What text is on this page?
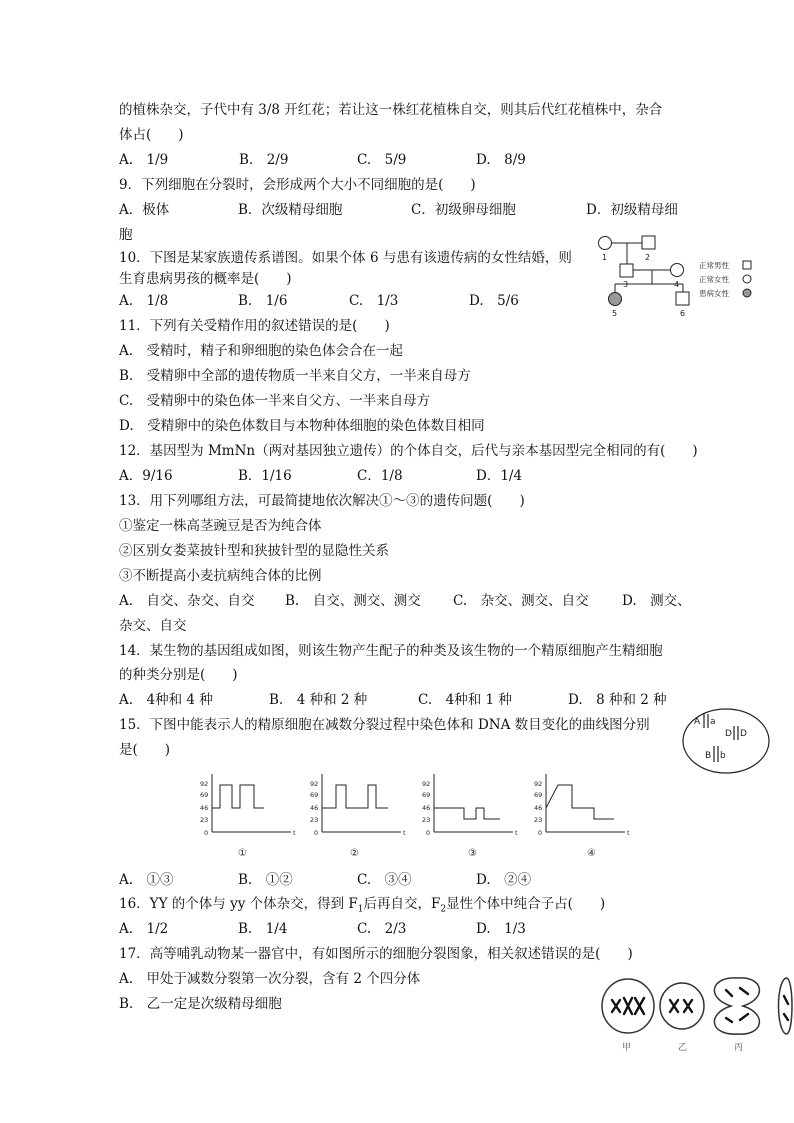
的植株杂交，子代中有 3/8 开红花；若让这一株红花植株自交，则其后代红花植株中，杂合
体占(　　)
A.　1/9	B.　2/9	C.　5/9	D.　8/9
9．下列细胞在分裂时，会形成两个大小不同细胞的是(　　)
A．极体	B．次级精母细胞	C．初级卵母细胞	D．初级精母细
胞
10．下图是某家族遗传系谱图。如果个体 6 与患有该遗传病的女性结婚，则
生育患病男孩的概率是(　　)
A.　1/8	B.　1/6	C.　1/3	D.　5/6
1	2
3	4
5	6
正常男性
正常女性
患病女性
11．下列有关受精作用的叙述错误的是(　　)
A.　受精时，精子和卵细胞的染色体会合在一起
B.　受精卵中全部的遗传物质一半来自父方，一半来自母方
C.　受精卵中的染色体一半来自父方、一半来自母方
D.　受精卵中的染色体数目与本物种体细胞的染色体数目相同
12．基因型为 MmNn（两对基因独立遗传）的个体自交，后代与亲本基因型完全相同的有(　　)
A．9/16	B．1/16	C．1/8	D．1/4
13．用下列哪组方法，可最简捷地依次解决①～③的遗传问题(　　)
①鉴定一株高茎豌豆是否为纯合体
②区别女娄菜披针型和狭披针型的显隐性关系
③不断提高小麦抗病纯合体的比例
A.　自交、杂交、自交 B.　自交、测交、测交 C.　杂交、测交、自交 D.　测交、
杂交、自交
14．某生物的基因组成如图，则该生物产生配子的种类及该生物的一个精原细胞产生精细胞
的种类分别是(　　)
A.　4种和 4 种	B.　4 种和 2 种	C.　4种和 1 种	D.　8 种和 2 种
A a
D D
B b
15．下图中能表示人的精原细胞在减数分裂过程中染色体和 DNA 数目变化的曲线图分别
是(　　)
92
69
46
23
0	t
①
92
69
46
23
0	t
②
92
69
46
23
0	t
③
92
69
46
23
0	t
④
A.　①③	B.　①②	C.　③④	D.　②④
16．YY 的个体与 yy 个体杂交，得到 $F_1$后再自交，$F_2$显性个体中纯合子占(　　)
A.　1/2	B.　1/4	C.　2/3	D.　1/3
17．高等哺乳动物某一器官中，有如图所示的细胞分裂图象，相关叙述错误的是(　　)
A.　甲处于减数分裂第一次分裂，含有 2 个四分体
B.　乙一定是次级精母细胞
甲	乙	丙
